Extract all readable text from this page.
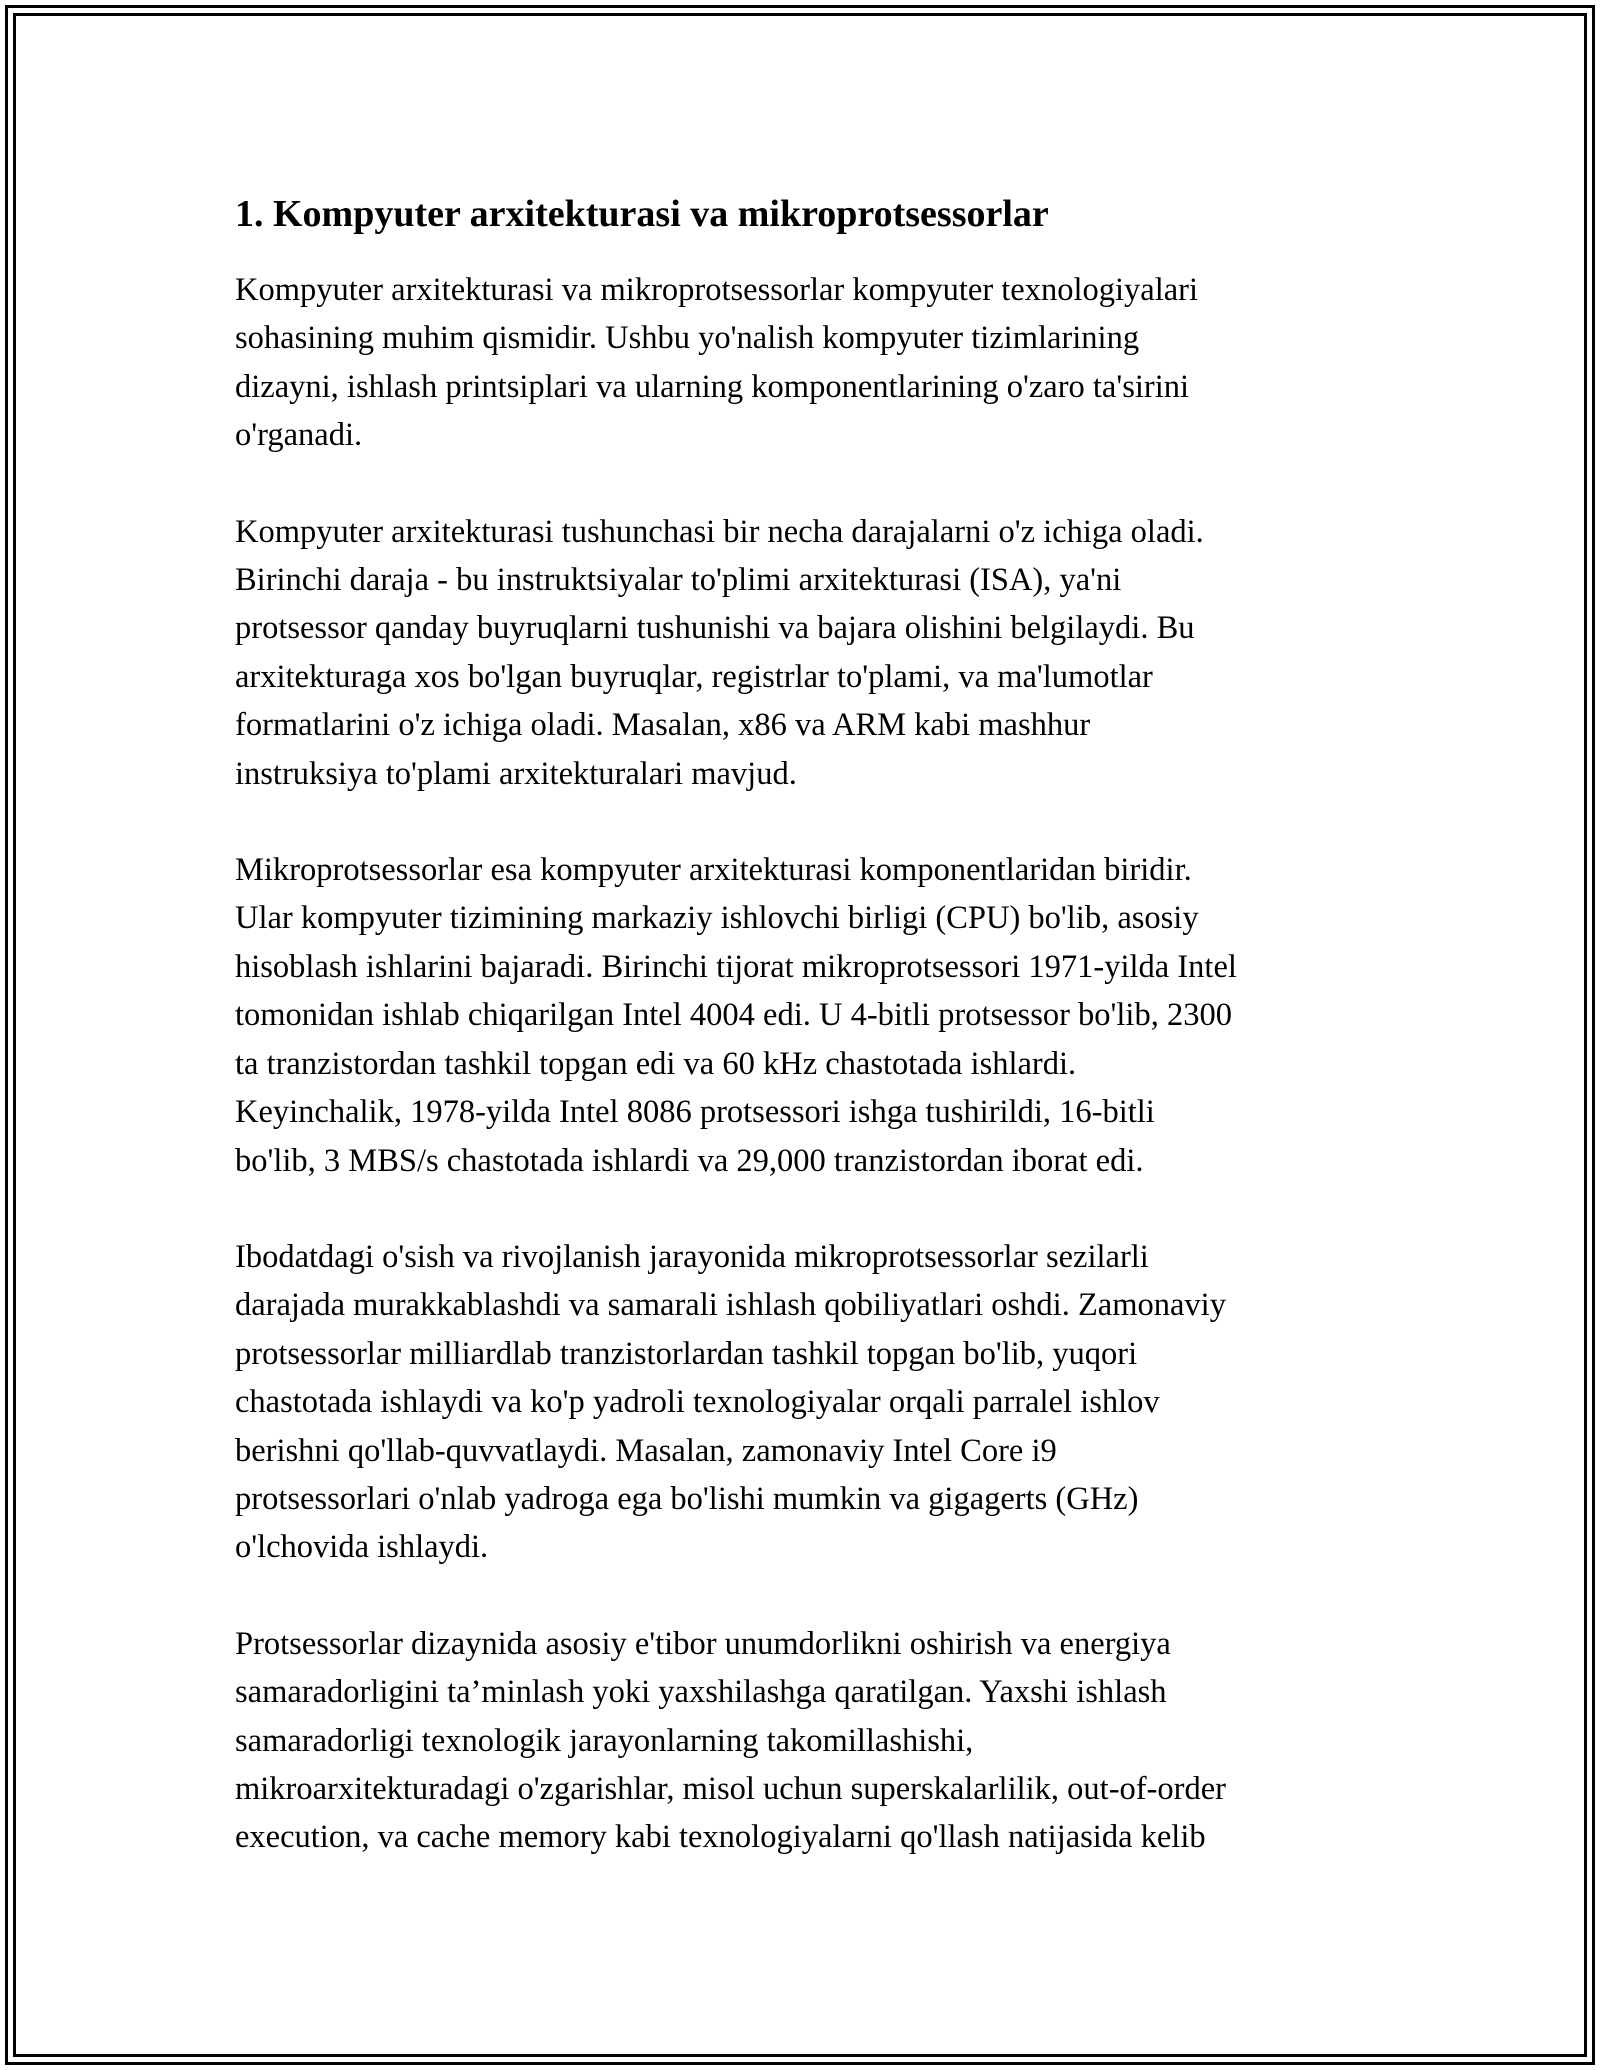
1. Kompyuter arxitekturasi va mikroprotsessorlar

Kompyuter arxitekturasi va mikroprotsessorlar kompyuter texnologiyalari
sohasining muhim qismidir. Ushbu yo'nalish kompyuter tizimlarining
dizayni, ishlash printsiplari va ularning komponentlarining o'zaro ta'sirini
o'rganadi.

Kompyuter arxitekturasi tushunchasi bir necha darajalarni o'z ichiga oladi.
Birinchi daraja - bu instruktsiyalar to'plimi arxitekturasi (ISA), ya'ni
protsessor qanday buyruqlarni tushunishi va bajara olishini belgilaydi. Bu
arxitekturaga xos bo'lgan buyruqlar, registrlar to'plami, va ma'lumotlar
formatlarini o'z ichiga oladi. Masalan, x86 va ARM kabi mashhur
instruksiya to'plami arxitekturalari mavjud.

Mikroprotsessorlar esa kompyuter arxitekturasi komponentlaridan biridir.
Ular kompyuter tizimining markaziy ishlovchi birligi (CPU) bo'lib, asosiy
hisoblash ishlarini bajaradi. Birinchi tijorat mikroprotsessori 1971-yilda Intel
tomonidan ishlab chiqarilgan Intel 4004 edi. U 4-bitli protsessor bo'lib, 2300
ta tranzistordan tashkil topgan edi va 60 kHz chastotada ishlardi.
Keyinchalik, 1978-yilda Intel 8086 protsessori ishga tushirildi, 16-bitli
bo'lib, 3 MBS/s chastotada ishlardi va 29,000 tranzistordan iborat edi.

Ibodatdagi o'sish va rivojlanish jarayonida mikroprotsessorlar sezilarli
darajada murakkablashdi va samarali ishlash qobiliyatlari oshdi. Zamonaviy
protsessorlar milliardlab tranzistorlardan tashkil topgan bo'lib, yuqori
chastotada ishlaydi va ko'p yadroli texnologiyalar orqali parralel ishlov
berishni qo'llab-quvvatlaydi. Masalan, zamonaviy Intel Core i9
protsessorlari o'nlab yadroga ega bo'lishi mumkin va gigagerts (GHz)
o'lchovida ishlaydi.

Protsessorlar dizaynida asosiy e'tibor unumdorlikni oshirish va energiya
samaradorligini ta’minlash yoki yaxshilashga qaratilgan. Yaxshi ishlash
samaradorligi texnologik jarayonlarning takomillashishi,
mikroarxitekturadagi o'zgarishlar, misol uchun superskalarlilik, out-of-order
execution, va cache memory kabi texnologiyalarni qo'llash natijasida kelib
